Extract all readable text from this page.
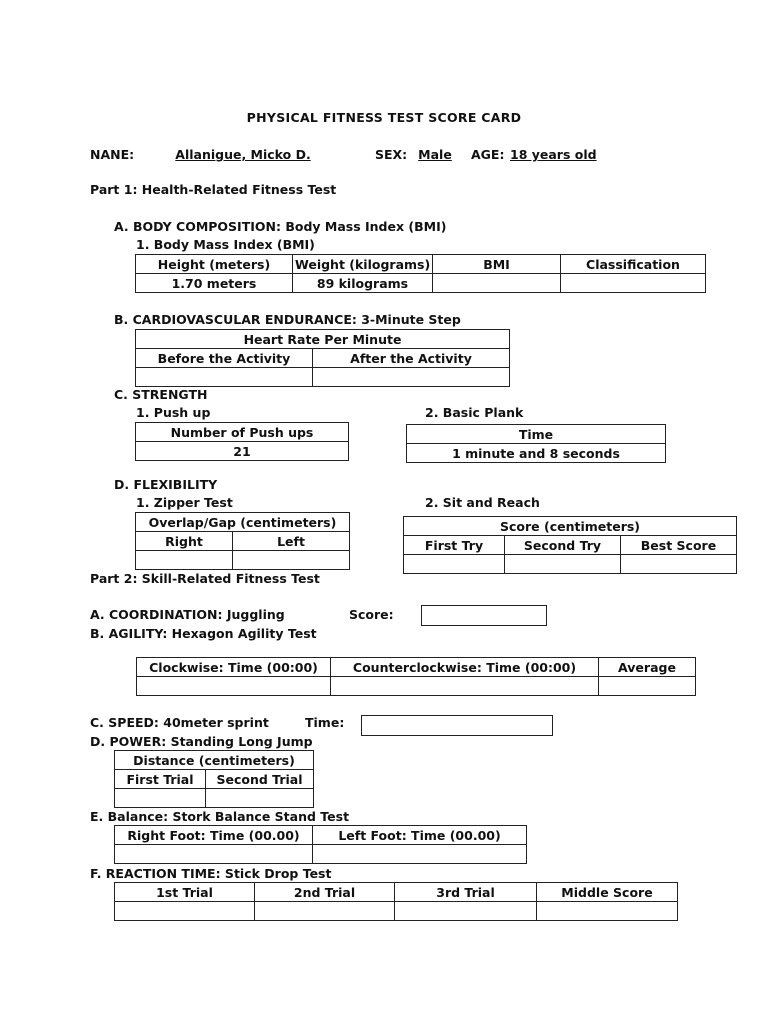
PHYSICAL FITNESS TEST SCORE CARD
NANE:	Allanigue, Micko D.	SEX: Male	AGE: 18 years old
Part 1: Health-Related Fitness Test
A. BODY COMPOSITION: Body Mass Index (BMI)
1. Body Mass Index (BMI)
Height (meters)	Weight (kilograms)	BMI	Classification
1.70 meters	89 kilograms		
B. CARDIOVASCULAR ENDURANCE: 3-Minute Step
Heart Rate Per Minute	
Before the Activity	After the Activity

C. STRENGTH
1. Push up	2. Basic Plank
Number of Push ups
21
Time
1 minute and 8 seconds
D. FLEXIBILITY
1. Zipper Test	2. Sit and Reach
Overlap/Gap (centimeters)	
Right	Left

Score (centimeters)		
First Try	Second Try	Best Score

Part 2: Skill-Related Fitness Test
A. COORDINATION: Juggling	Score:
B. AGILITY: Hexagon Agility Test
Clockwise: Time (00:00)	Counterclockwise: Time (00:00)	Average

C. SPEED: 40meter sprint	Time:
D. POWER: Standing Long Jump
Distance (centimeters)	
First Trial	Second Trial

E. Balance: Stork Balance Stand Test
Right Foot: Time (00.00)	Left Foot: Time (00.00)

F. REACTION TIME: Stick Drop Test
1st Trial	2nd Trial	3rd Trial	Middle Score
